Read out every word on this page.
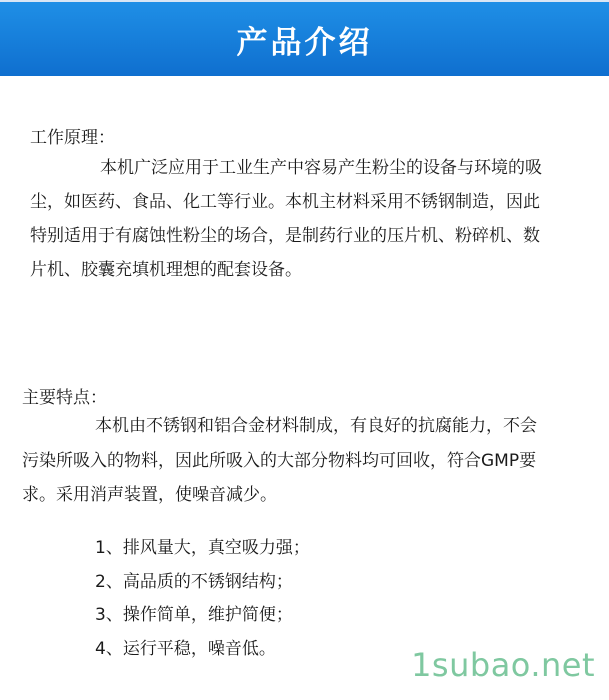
产品介绍
工作原理：
本机广泛应用于工业生产中容易产生粉尘的设备与环境的吸
尘，如医药、食品、化工等行业。本机主材料采用不锈钢制造，因此
特别适用于有腐蚀性粉尘的场合，是制药行业的压片机、粉碎机、数
片机、胶囊充填机理想的配套设备。
主要特点：
本机由不锈钢和铝合金材料制成，有良好的抗腐能力，不会
污染所吸入的物料，因此所吸入的大部分物料均可回收，符合GMP要
求。采用消声装置，使噪音减少。
1、排风量大，真空吸力强；
2、高品质的不锈钢结构；
3、操作简单，维护简便；
4、运行平稳，噪音低。	1subao.net
